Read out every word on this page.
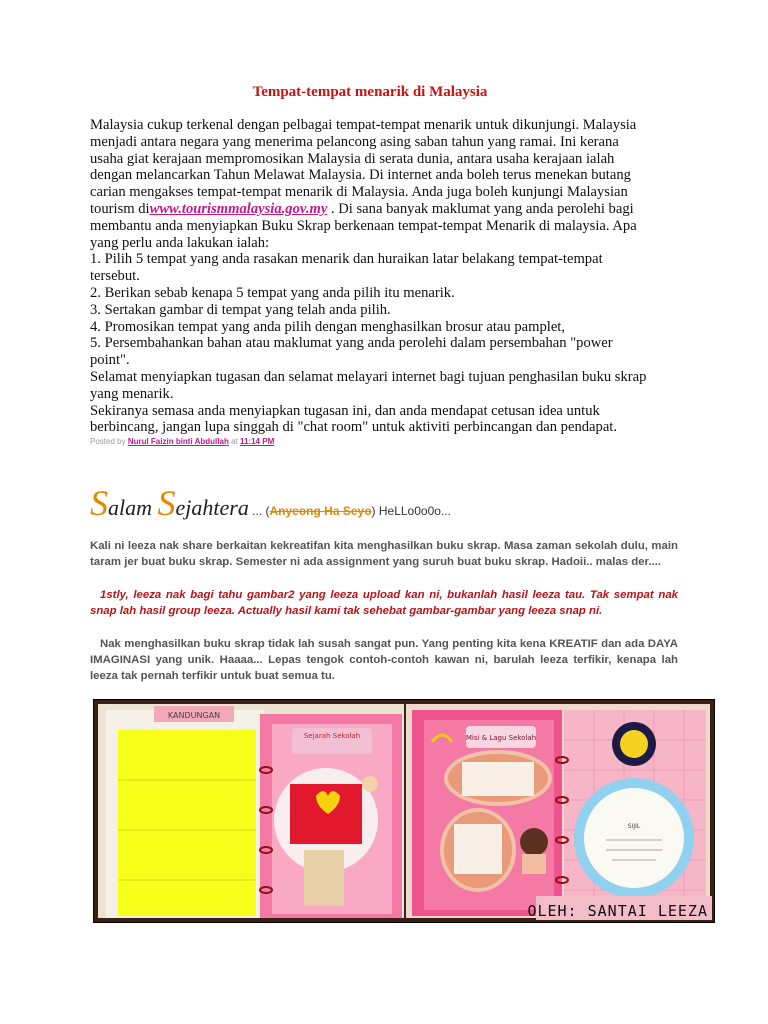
Tempat-tempat menarik di Malaysia

Malaysia cukup terkenal dengan pelbagai tempat-tempat menarik untuk dikunjungi. Malaysia menjadi antara negara yang menerima pelancong asing saban tahun yang ramai. Ini kerana usaha giat kerajaan mempromosikan Malaysia di serata dunia, antara usaha kerajaan ialah dengan melancarkan Tahun Melawat Malaysia. Di internet anda boleh terus menekan butang carian mengakses tempat-tempat menarik di Malaysia. Anda juga boleh kunjungi Malaysian tourism diwww.tourismmalaysia.gov.my . Di sana banyak maklumat yang anda perolehi bagi membantu anda menyiapkan Buku Skrap berkenaan tempat-tempat Menarik di malaysia. Apa yang perlu anda lakukan ialah:

1. Pilih 5 tempat yang anda rasakan menarik dan huraikan latar belakang tempat-tempat tersebut.

2. Berikan sebab kenapa 5 tempat yang anda pilih itu menarik.

3. Sertakan gambar di tempat yang telah anda pilih.

4. Promosikan tempat yang anda pilih dengan menghasilkan brosur atau pamplet,

5. Persembahankan bahan atau maklumat yang anda perolehi dalam persembahan "power point".

Selamat menyiapkan tugasan dan selamat melayari internet bagi tujuan penghasilan buku skrap yang menarik.

Sekiranya semasa anda menyiapkan tugasan ini, dan anda mendapat cetusan idea untuk berbincang, jangan lupa singgah di "chat room" untuk aktiviti perbincangan dan pendapat.

Posted by Nurul Faizin binti Abdullah at 11:14 PM
Salam Sejahtera ... (Anyeong Ha Seyo) HeLLo0o0o...

Kali ni leeza nak share berkaitan kekreatifan kita menghasilkan buku skrap. Masa zaman sekolah dulu, main taram jer buat buku skrap. Semester ni ada assignment yang suruh buat buku skrap. Hadoii.. malas der....

1stly, leeza nak bagi tahu gambar2 yang leeza upload kan ni, bukanlah hasil leeza tau. Tak sempat nak snap lah hasil group leeza. Actually hasil kami tak sehebat gambar-gambar yang leeza snap ni.

Nak menghasilkan buku skrap tidak lah susah sangat pun. Yang penting kita kena KREATIF dan ada DAYA IMAGINASI yang unik. Haaaa... Lepas tengok contoh-contoh kawan ni, barulah leeza terfikir, kenapa lah leeza tak pernah terfikir untuk buat semua tu.

KANDUNGAN
Sejarah Sekolah	Misi & Lagu Sekolah
SIJIL
OLEH: SANTAI LEEZA
